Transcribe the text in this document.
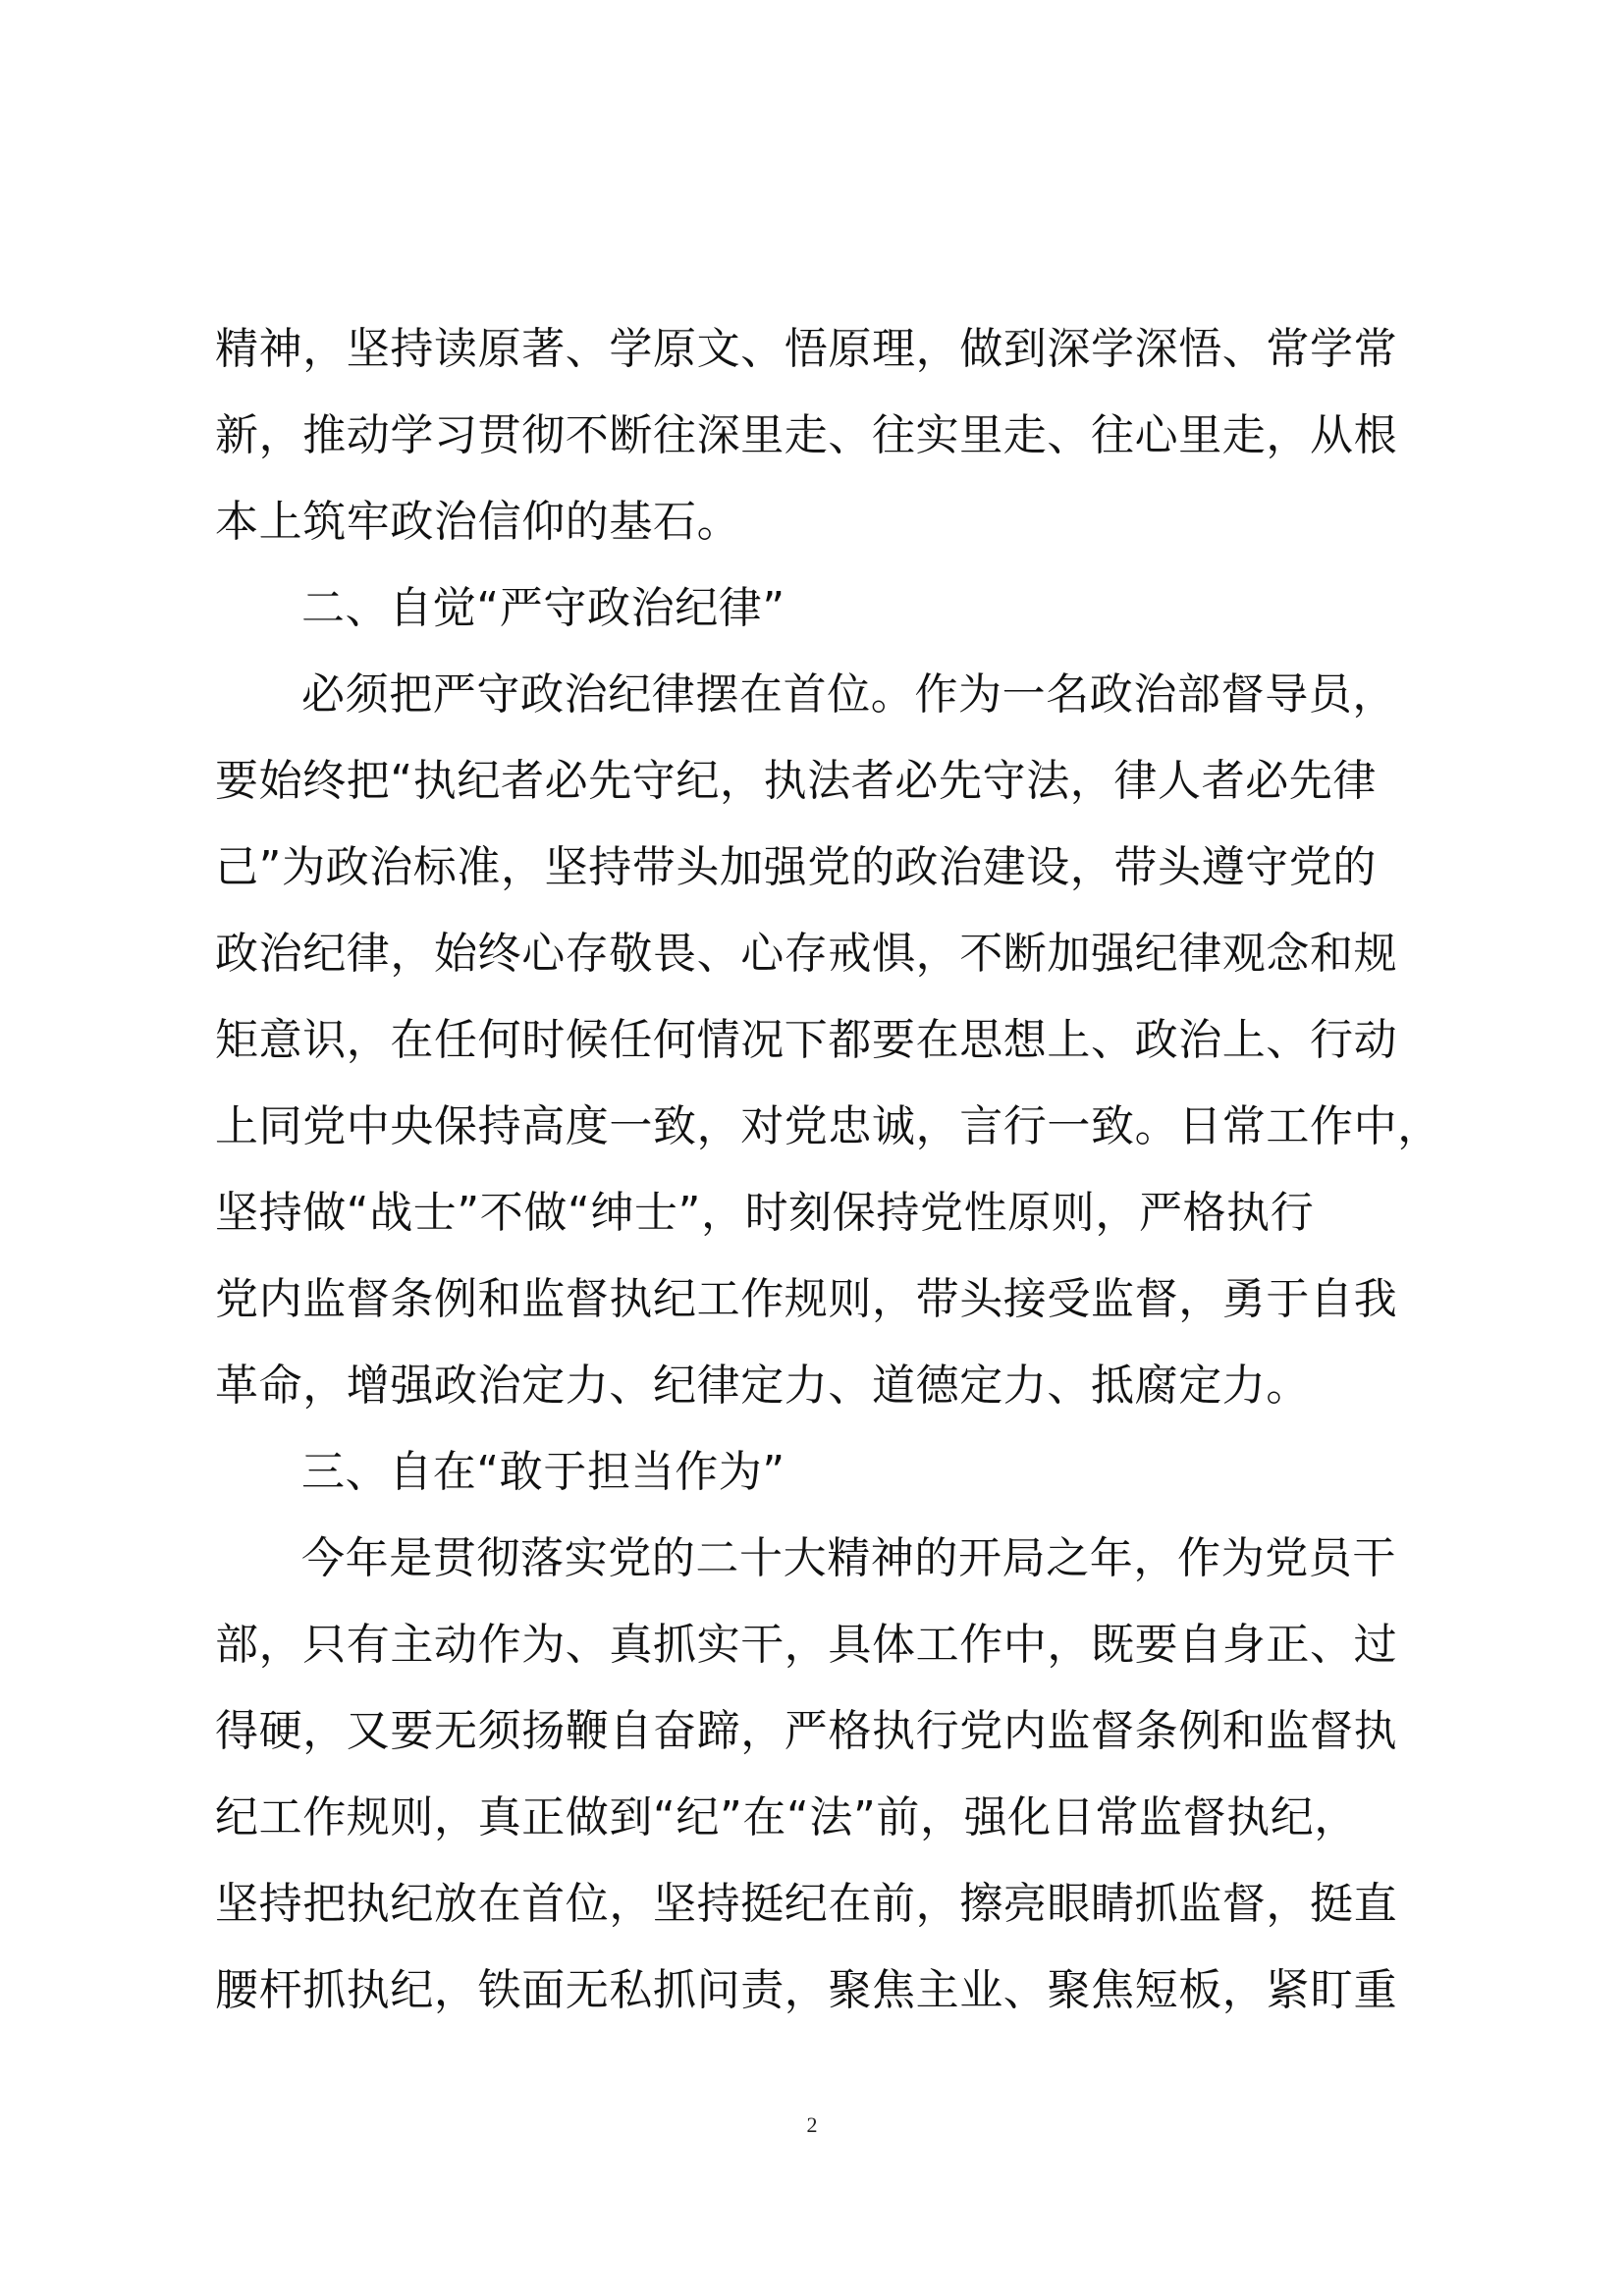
精神，坚持读原著、学原文、悟原理，做到深学深悟、常学常
新，推动学习贯彻不断往深里走、往实里走、往心里走，从根
本上筑牢政治信仰的基石。
二、自觉“严守政治纪律”
必须把严守政治纪律摆在首位。作为一名政治部督导员，
要始终把“执纪者必先守纪，执法者必先守法，律人者必先律
己”为政治标准，坚持带头加强党的政治建设，带头遵守党的
政治纪律，始终心存敬畏、心存戒惧，不断加强纪律观念和规
矩意识，在任何时候任何情况下都要在思想上、政治上、行动
上同党中央保持高度一致，对党忠诚，言行一致。日常工作中，
坚持做“战士”不做“绅士”，时刻保持党性原则，严格执行
党内监督条例和监督执纪工作规则，带头接受监督，勇于自我
革命，增强政治定力、纪律定力、道德定力、抵腐定力。
三、自在“敢于担当作为”
今年是贯彻落实党的二十大精神的开局之年，作为党员干
部，只有主动作为、真抓实干，具体工作中，既要自身正、过
得硬，又要无须扬鞭自奋蹄，严格执行党内监督条例和监督执
纪工作规则，真正做到“纪”在“法”前，强化日常监督执纪，
坚持把执纪放在首位，坚持挺纪在前，擦亮眼睛抓监督，挺直
腰杆抓执纪，铁面无私抓问责，聚焦主业、聚焦短板，紧盯重
2
